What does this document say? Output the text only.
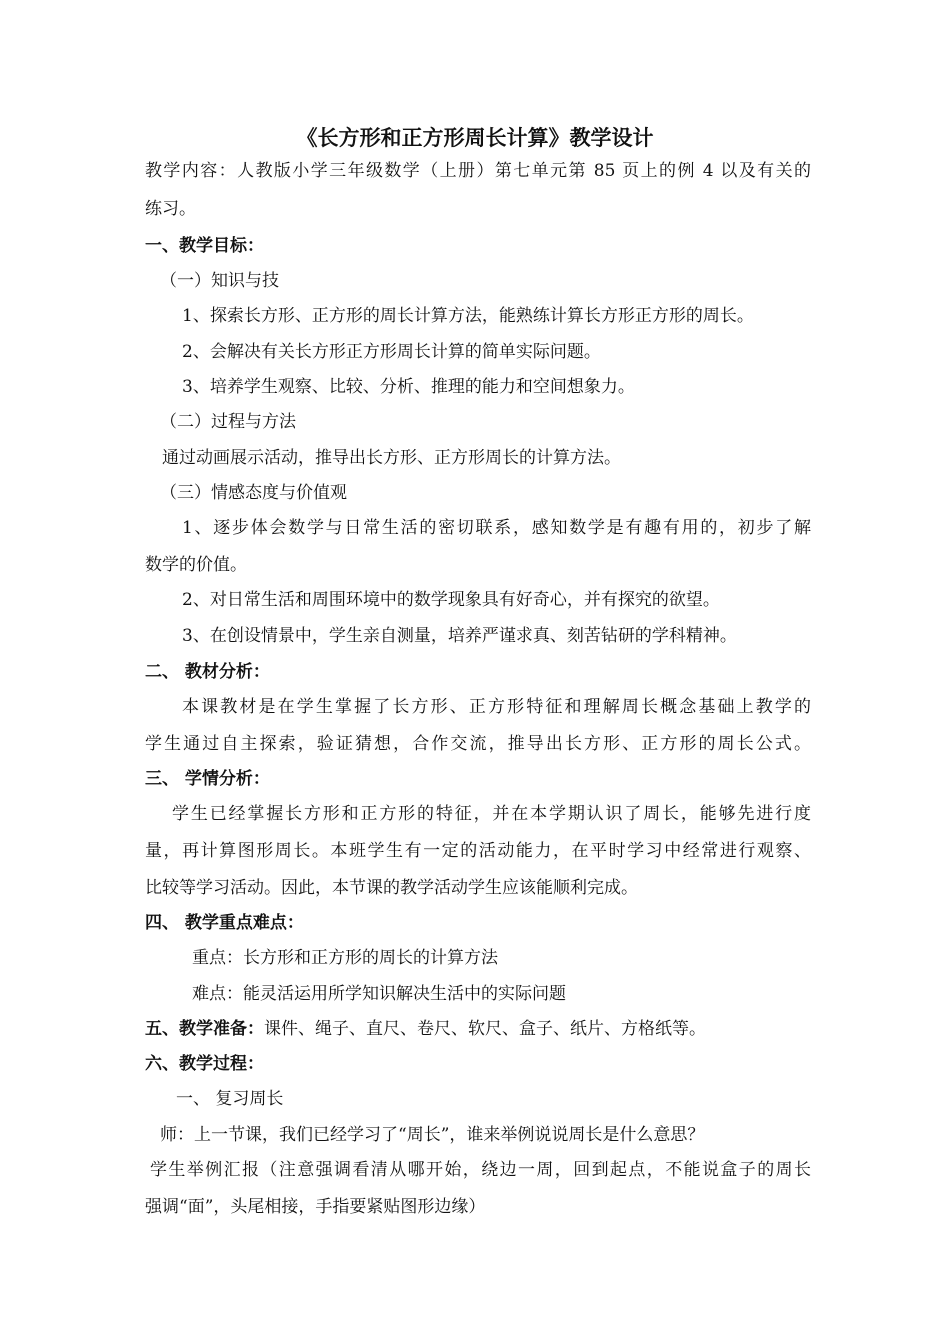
《长方形和正方形周长计算》教学设计
教学内容：人教版小学三年级数学（上册）第七单元第 85 页上的例 4 以及有关的
练习。
一、教学目标：
（一）知识与技
1、探索长方形、正方形的周长计算方法，能熟练计算长方形正方形的周长。
2、会解决有关长方形正方形周长计算的简单实际问题。
3、培养学生观察、比较、分析、推理的能力和空间想象力。
（二）过程与方法
通过动画展示活动，推导出长方形、正方形周长的计算方法。
（三）情感态度与价值观
1、逐步体会数学与日常生活的密切联系，感知数学是有趣有用的，初步了解
数学的价值。
2、对日常生活和周围环境中的数学现象具有好奇心，并有探究的欲望。
3、在创设情景中，学生亲自测量，培养严谨求真、刻苦钻研的学科精神。
二、 教材分析：
本课教材是在学生掌握了长方形、正方形特征和理解周长概念基础上教学的
学生通过自主探索，验证猜想，合作交流，推导出长方形、正方形的周长公式。
三、 学情分析：
学生已经掌握长方形和正方形的特征，并在本学期认识了周长，能够先进行度
量，再计算图形周长。本班学生有一定的活动能力，在平时学习中经常进行观察、
比较等学习活动。因此，本节课的教学活动学生应该能顺利完成。
四、 教学重点难点：
重点：长方形和正方形的周长的计算方法
难点：能灵活运用所学知识解决生活中的实际问题
五、教学准备：课件、绳子、直尺、卷尺、软尺、盒子、纸片、方格纸等。
六、教学过程：
一、 复习周长
师：上一节课，我们已经学习了“周长”，谁来举例说说周长是什么意思？
学生举例汇报（注意强调看清从哪开始，绕边一周，回到起点，不能说盒子的周长
强调“面”，头尾相接，手指要紧贴图形边缘）
